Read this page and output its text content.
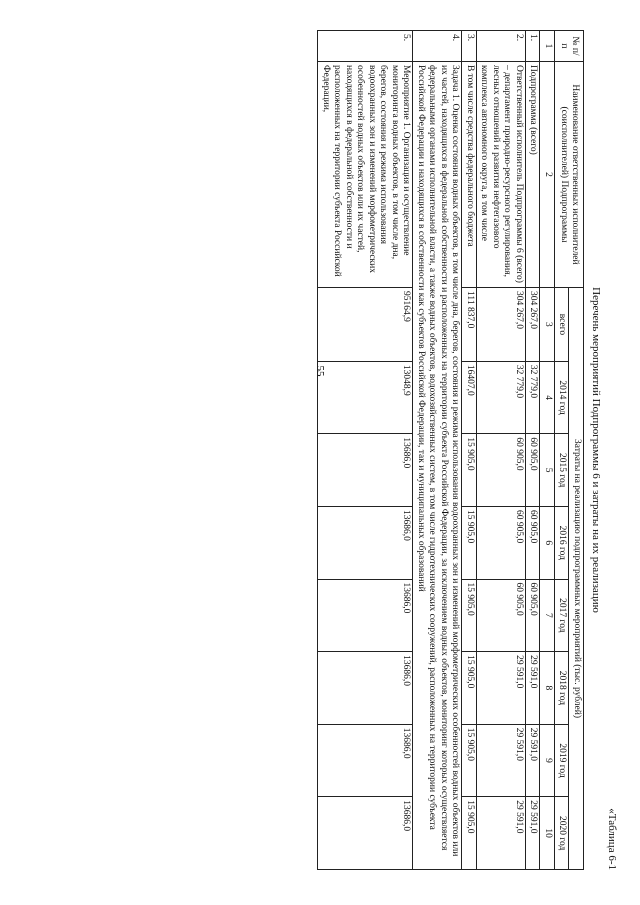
55
«Таблица 6-1
Перечень мероприятий Подпрограммы 6 и затраты на их реализацию
№ п/п	Наименование ответственных исполнителей (соисполнителей) Подпрограммы	Затраты на реализацию подпрограммных мероприятий (тыс. рублей)							
		всего	2014 год	2015 год	2016 год	2017 год	2018 год	2019 год	2020 год
1	2	3	4	5	6	7	8	9	10
1.	Подпрограмма (всего)	304 267,0	32 779,0	60 905,0	60 905,0	60 905,0	29 591,0	29 591,0	29 591,0
2.	Ответственный исполнитель Подпрограммы 6 (всего) – департамент природно-ресурсного регулирования, лесных отношений и развития нефтегазового комплекса автономного округа, в том числе	304 267,0	32 779,0	60 905,0	60 905,0	60 905,0	29 591,0	29 591,0	29 591,0
3.	В том числе средства федерального бюджета	111 837,0	16407,0	15 905,0	15 905,0	15 905,0	15 905,0	15 905,0	15 905,0
4.	Задача 1. Оценка состояния водных объектов, в том числе дна, берегов, состояния и режима использования водоохранных зон и изменений морфометрических особенностей водных объектов или их частей, находящихся в федеральной собственности и расположенных на территории субъекта Российской Федерации, за исключением водных объектов, мониторинг которых осуществляется федеральными органами исполнительной власти, а также водных объектов, водохозяйственных систем, в том числе гидротехнических сооружений, расположенных на территории субъекта Российской Федерации и находящихся в собственности как субъектов Российской Федерации, так и муниципальных образований								
5.	Мероприятие 1. Организация и осуществление мониторинга водных объектов, в том числе дна, берегов, состояния и режима использования водоохранных зон и изменений морфометрических особенностей водных объектов или их частей, находящихся в федеральной собственности и расположенных на территории субъекта Российской Федерации,	95164,9	13048,9	13686,0	13686,0	13686,0	13686,0	13686,0	13686,0
